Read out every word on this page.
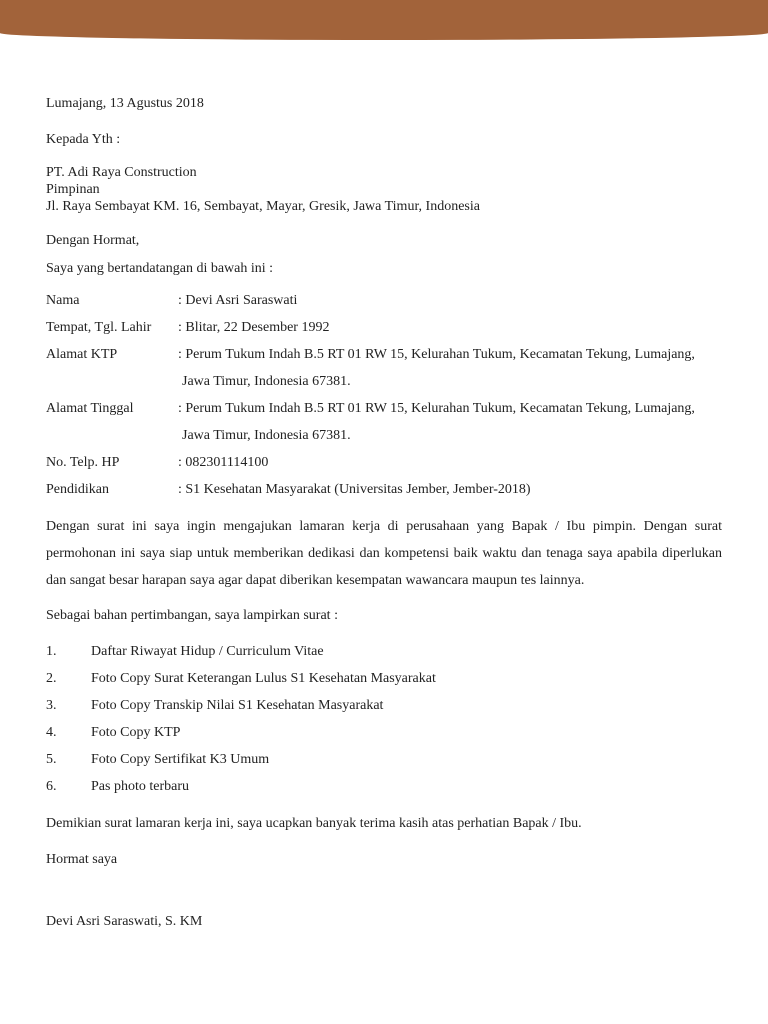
Lumajang, 13 Agustus 2018
Kepada Yth :
PT. Adi Raya Construction
Pimpinan
Jl. Raya Sembayat KM. 16, Sembayat, Mayar, Gresik, Jawa Timur, Indonesia
Dengan Hormat,
Saya yang bertandatangan di bawah ini :
Nama	: Devi Asri Saraswati
Tempat, Tgl. Lahir	: Blitar, 22 Desember 1992
Alamat KTP	: Perum Tukum Indah B.5 RT 01 RW 15, Kelurahan Tukum, Kecamatan Tekung, Lumajang,
Jawa Timur, Indonesia 67381.
Alamat Tinggal	: Perum Tukum Indah B.5 RT 01 RW 15, Kelurahan Tukum, Kecamatan Tekung, Lumajang,
Jawa Timur, Indonesia 67381.
No. Telp. HP	: 082301114100
Pendidikan	: S1 Kesehatan Masyarakat (Universitas Jember, Jember-2018)
Dengan surat ini saya ingin mengajukan lamaran kerja di perusahaan yang Bapak / Ibu pimpin. Dengan surat permohonan ini saya siap untuk memberikan dedikasi dan kompetensi baik waktu dan tenaga saya apabila diperlukan dan sangat besar harapan saya agar dapat diberikan kesempatan wawancara maupun tes lainnya.
Sebagai bahan pertimbangan, saya lampirkan surat :
1.	Daftar Riwayat Hidup / Curriculum Vitae
2.	Foto Copy Surat Keterangan Lulus S1 Kesehatan Masyarakat
3.	Foto Copy Transkip Nilai S1 Kesehatan Masyarakat
4.	Foto Copy KTP
5.	Foto Copy Sertifikat K3 Umum
6.	Pas photo terbaru
Demikian surat lamaran kerja ini, saya ucapkan banyak terima kasih atas perhatian Bapak / Ibu.
Hormat saya
Devi Asri Saraswati, S. KM
